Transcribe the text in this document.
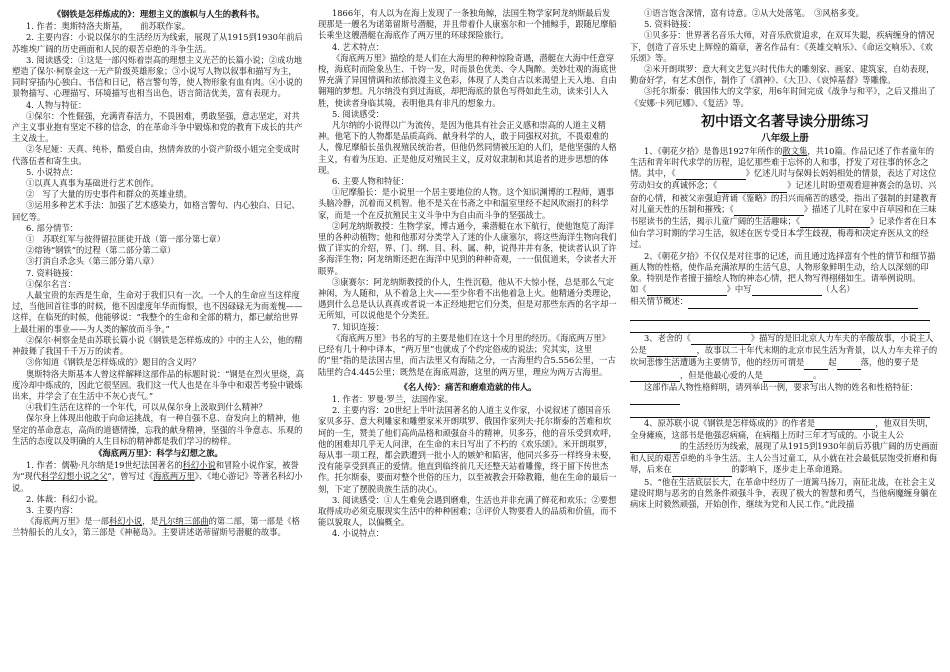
《钢铁是怎样炼成的》：理想主义的旗帜与人生的教科书。

1. 作者：奥斯特洛夫斯基，　　前苏联作家。

2. 主要内容：小说以保尔的生活经历为线索，展现了从1915到1930年前后苏维埃广阔的历史画面和人民的艰苦卓绝的斗争生活。

3. 阅读感受：①这是一部闪烁着崇高的理想主义光芒的长篇小说；②成功地塑造了保尔·柯察金这一无产阶级英雄形象；③小说写人物以叙事和描写为主，同时穿插内心独白、书信和日记，格言警句等，使人物形象有血有肉。④小说的景物描写、心理描写、环境描写也相当出色，语言简洁优美，富有表现力。

4. 人物与特征：

①保尔：个性倔强，充满青春活力，不畏困难，勇敢坚强，意志坚定，对共产主义事业抱有坚定不移的信念，的在革命斗争中锻炼和党的教育下成长的共产主义战士。

②冬尼娅：天真、纯朴，酷爱自由，热情奔放的小资产阶级小姐完全变成时代落伍者和寄生虫。

5. 小说特点：

①以真人真事为基础进行艺术创作。

②　写了大量的历史事件和群众的英雄业绩。

③运用多种艺术手法：加强了艺术感染力，如格言警句、内心独白、日记、回忆等。

6. 部分情节：

①　苏联红军与彼得留拉匪徒开战（第一部分第七章）

②熔铸“钢铁”的过程（第二部分第二章）

③打消自杀念头（第三部分第八章）

7. 资料链接：

①保尔名言：

人最宝贵的东西是生命，生命对于我们只有一次。一个人的生命应当这样度过，当他回首往事的时候，他不因虚度年华而悔恨，也不因碌碌无为而羞愧——这样，在临死的时候，他能够说：“我整个的生命和全部的精力，都已献给世界上最壮丽的事业——为人类的解放而斗争。”

②保尔·柯察金是由苏联长篇小说《钢铁是怎样炼成的》中的主人公，他的精神鼓舞了我国千千万万的读者。

③你知道《钢铁是怎样炼成的》题目的含义吗？

奥斯特洛夫斯基本人曾这样解释这部作品的标题时说：“钢是在烈火里烧，高度冷却中炼成的，因此它很坚固。我们这一代人也是在斗争中和艰苦考验中锻炼出来，并学会了在生活中不灰心丧气。”

④我们生活在这样的一个年代，可以从保尔身上汲取到什么精神？

保尔身上体现出他敢于向命运挑战，有一种自强不息、奋发向上的精神，他坚定的革命意志，高尚的道德情操，忘我的献身精神，坚强的斗争意志、乐观的生活的态度以及明确的人生目标的精神都是我们学习的榜样。

《海底两万里》：科学与幻想之旅。

1. 作者：儒勒·凡尔纳是19世纪法国著名的科幻小说和冒险小说作家，被誉为“现代科学幻想小说之父”，曾写过《海底两万里》、《地心游记》等著名科幻小说。

2. 体裁：科幻小说。

3. 主要内容：

《海底两万里》是一部科幻小说，是凡尔纳三部曲的第二部，第一部是《格兰特船长的儿女》，第三部是《神秘岛》。主要讲述诺蒂留斯号潜艇的故事。

1866年，有人以为在海上发现了一条独角鲸，法国生物学家阿龙纳斯最后发现那是一艘名为诺第留斯号潜艇，并且带着仆人康塞尔和一个捕鲸手，跟随尼摩船长乘坐这艘潜艇在海底作了两万里的环球探险旅行。

4. 艺术特点：

《海底两万里》描绘的是人们在大海里的种种惊险奇遇，潜艇在大海中任意穿梭，海底时而险象丛生、千钧一发，时而景色优美、令人陶醉。美妙壮观的海底世界充满了异国情调和浓郁浪漫主义色彩，体现了人类自古以来渴望上天入地、自由翱翔的梦想。凡尔纳没有到过海底，却把海底的景色写得如此生动，读来引人入胜，使读者身临其境，表明他具有非凡的想象力。

5. 阅读感受：

凡尔纳的小说得以广为流传，是因为他具有社会正义感和崇高的人道主义精神。他笔下的人物都是品质高尚、献身科学的人，敢于同强权对抗，不畏艰难的人，像尼摩船长虽仇视殖民统治者，但他仍然同情被压迫的人们，是他坚强的人格主义，有着为压迫、正是他反对殖民主义，反对奴隶制和其追者的进步思想的体现。

6. 主要人物和特征：

①尼摩船长：是小说里一个居主要地位的人物。这个知识渊博的工程师，遇事头脑冷静，沉着而又机智。他不是关在书斋之中和温室里经不起风吹雨打的科学家，而是一个在反抗殖民主义斗争中为自由而斗争的坚强战士。

②阿龙纳斯教授：生物学家，博古通今，乘潜艇在水下航行，使他饱览了海洋里的各种动植物；他和他那对分类学入了迷的仆人康塞尔，将这些海洋生物向我们做了详实的介绍，界、门、纲、目、科、属、种，说得井井有条，使读者认识了许多海洋生物；阿龙纳斯还把在海洋中见到的种种奇观，一一侃侃道来，令读者大开眼界。

③康赛尔：阿龙纳斯教授的仆人，生性沉稳，他从不大惊小怪，总是那么气定神闲，为人随和，从不着急上火——至少你看不出他着急上火。他精通分类理论，遇到什么总是认认真真或者说一本正经地把它们分类，但是对那些东西的名字却一无所知，可以说他是个分类狂。

7. 知识连接：

《海底两万里》书名的写的主要是他们在这十个月里的经历。《海底两万里》已经有几十种中译本，“两万里”也就成了个约定俗成的说法；究其实，这里的“里”指的是法国古里，而古法里又有海陆之分，一古海里约合5.556公里，一古陆里约合4.445公里；既然是在海底周游，这里的两万里，理应为两万古海里。

《名人传》：痛苦和磨难造就的伟人。

1. 作者：罗曼·罗兰，法国作家。

2. 主要内容：20世纪上半叶法国著名的人道主义作家，小说叙述了德国音乐家贝多芬、意大利雕家和雕塑家米开朗琪罗、俄国作家列夫·托尔斯泰的苦难和坎坷的一生，赞美了他们高尚品格和顽强奋斗的精神，贝多芬，他的音乐受到欢呼，他的困难却几乎无人问津，在生命的末日写出了不朽的《欢乐颂》。米开朗琪罗，每从事一项工程，都会跌遭到一批小人的嫉妒和陷害，他同兴多芬一样终身未娶，没有能享受到真正的爱情。他直到临终前几天还整天站着雕像，终于留下传世杰作。托尔斯泰，要面对整个世俗的压力，以至被教会开除教籍，他在生命的最后一刻，下定了摆脱贵族生活的决心。

3. 阅读感受：①人生难免会遇到磨难，生活也并非充满了鲜花和欢乐；②要想取得成功必须克服现实生活中的种种困难；③评价人物要看人的品质和价值，而不能以貌取人，以偏概全。

4. 小说特点：

①语言饱含深情，富有诗意。②从大处落笔。　③风格多变。

5. 资料链接：

①贝多芬：世界著名音乐大师，对音乐欣赏追求，在双耳失聪，疾病缠身的情况下，创造了音乐史上辉煌的篇章，著名作品有：《英雄交响乐》、《命运交响乐》、《欢乐颂》等。

②米开朗琪罗：意大利文艺复兴时代伟大的雕刻家、画家、建筑家，自幼表现，勤奋好学，有艺术创作，制作了《酒神》、《大卫》、《哀悼基督》等雕像。

③托尔斯泰：俄国伟大的文学家，用6年时间完成《战争与和平》，之后又推出了《安娜·卡列尼娜》、《复活》等。

初中语文名著导读分册练习
八年级上册

1、《朝花夕拾》是鲁迅1927年所作的散文集，共10篇。作品记述了作者童年的生活和青年时代求学的历程，追忆那些难于忘怀的人和事，抒发了对往事的怀念之情。其中，《	》忆述儿时与保姆长妈妈相处的情景，表达了对这位劳动妇女的真诚怀念；《	》记述儿时盼望观看迎神赛会的急切、兴奋的心情，和被父亲强迫背诵《鉴略》的扫兴而痛苦的感受，指出了强制的封建教育对儿童天性的压制和摧残；《	》描述了儿时在家中百草园和在三味书屋读书的生活，揭示儿童广阔的生活趣味；《	》记录作者在日本仙台学习时期的学习生活，叙述在医专受日本学生歧视，梅毒和决定弃医从文的经过。

2、《朝花夕拾》不仅仅是对往事的记述，而且通过选择富有个性的情节和细节描画人物的性格，使作品充满浓厚的生活气息，人物形象鲜明生动，给人以深刻的印象。特别是作者擅于描绘人物的神态心情，把人物写得栩栩如生。请举例说明。

如《	》中写	（人名）

相关情节概述：

3、老舍的《	》描写的是旧北京人力车夫的辛酸故事，小说主人公是	，故事以二十年代末期的北京市民生活为背景，以人力车夫祥子的坎坷悲惨生活遭遇为主要情节，他的经历可谓是	起	落，他的要子是 ，但是他最心爱的人是	。

这部作品人物性格鲜明，请列举出一例，要求写出人物的姓名和性格特征：

4、原苏联小说《钢铁是怎样炼成的》的作者是	，他双目失明，全身瘫痪，这部书是他强忍病痛，在病榻上历时三年才写成的。小说主人公 的生活经历为线索，展现了从1915到1930年前后苏俄广阔的历史画面和人民的艰苦卓绝的斗争生活。主人公当过童工，从小就在社会最低层饱受折磨和侮辱，后来在	的影响下，逐步走上革命道路。

5、“他在生活底层长大，在革命中经历了一道篱马扬刀，南征北战，在社会主义建设时期与恶劣的自然条件顽强斗争，表现了极大的智慧和勇气，当他病魔缠身躺在病床上时毅然顽强，开始创作，继续为党和人民工作。”此段描
